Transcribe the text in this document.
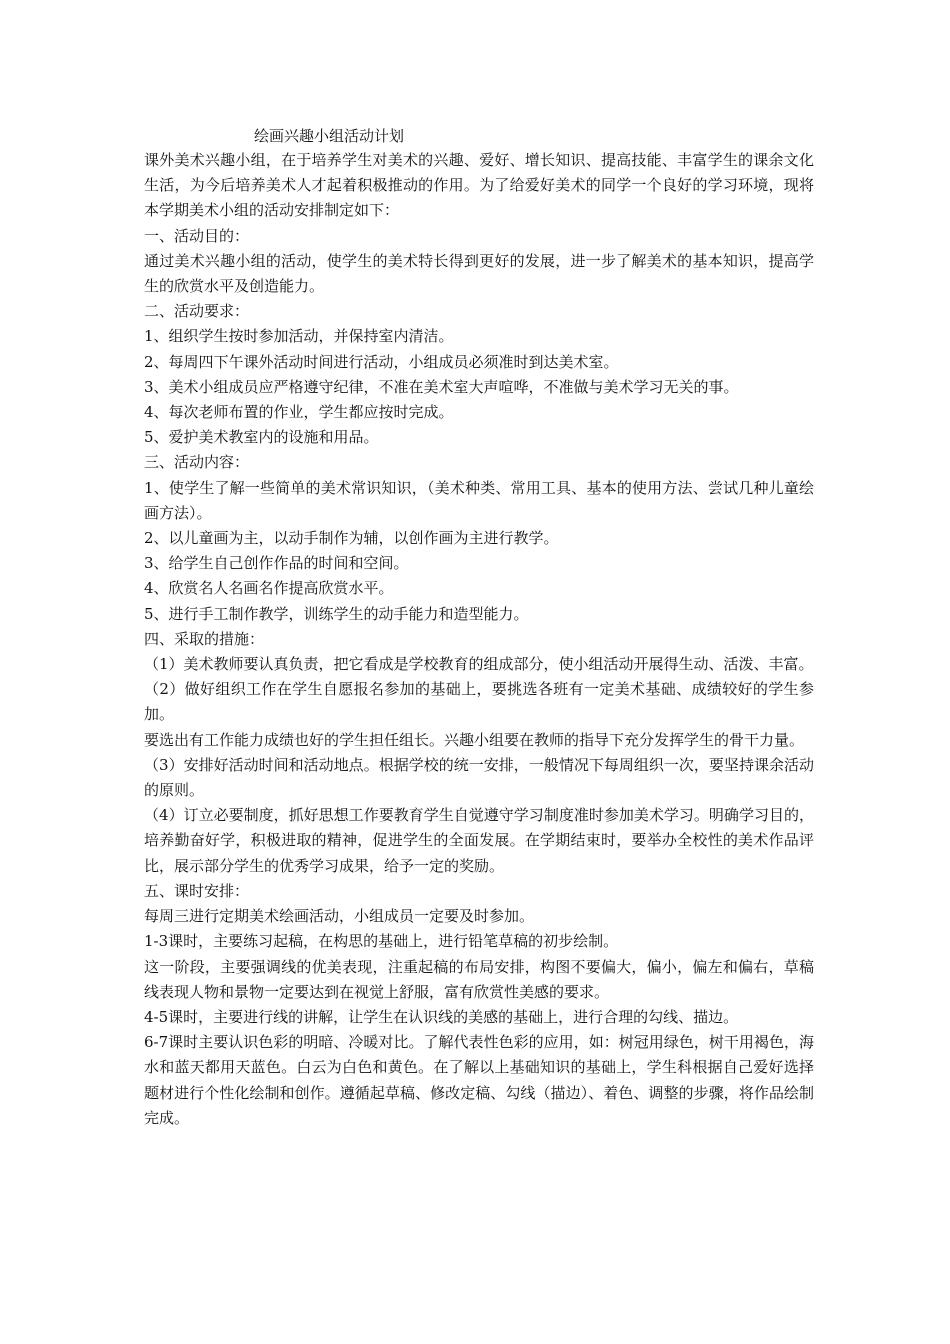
绘画兴趣小组活动计划

课外美术兴趣小组，在于培养学生对美术的兴趣、爱好、增长知识、提高技能、丰富学生的课余文化生活，为今后培养美术人才起着积极推动的作用。为了给爱好美术的同学一个良好的学习环境，现将本学期美术小组的活动安排制定如下：

一、活动目的：

通过美术兴趣小组的活动，使学生的美术特长得到更好的发展，进一步了解美术的基本知识，提高学生的欣赏水平及创造能力。

二、活动要求：

1、组织学生按时参加活动，并保持室内清洁。

2、每周四下午课外活动时间进行活动，小组成员必须准时到达美术室。

3、美术小组成员应严格遵守纪律，不准在美术室大声喧哗，不准做与美术学习无关的事。

4、每次老师布置的作业，学生都应按时完成。

5、爱护美术教室内的设施和用品。

三、活动内容：

1、使学生了解一些简单的美术常识知识，（美术种类、常用工具、基本的使用方法、尝试几种儿童绘画方法）。

2、以儿童画为主，以动手制作为辅，以创作画为主进行教学。

3、给学生自己创作作品的时间和空间。

4、欣赏名人名画名作提高欣赏水平。

5、进行手工制作教学，训练学生的动手能力和造型能力。

四、采取的措施：

（1）美术教师要认真负责，把它看成是学校教育的组成部分，使小组活动开展得生动、活泼、丰富。

（2）做好组织工作在学生自愿报名参加的基础上，要挑选各班有一定美术基础、成绩较好的学生参加。

要选出有工作能力成绩也好的学生担任组长。兴趣小组要在教师的指导下充分发挥学生的骨干力量。

（3）安排好活动时间和活动地点。根据学校的统一安排，一般情况下每周组织一次，要坚持课余活动的原则。

（4）订立必要制度，抓好思想工作要教育学生自觉遵守学习制度准时参加美术学习。明确学习目的，培养勤奋好学，积极进取的精神，促进学生的全面发展。在学期结束时，要举办全校性的美术作品评比，展示部分学生的优秀学习成果，给予一定的奖励。

五、课时安排：

每周三进行定期美术绘画活动，小组成员一定要及时参加。

1-3课时，主要练习起稿，在构思的基础上，进行铅笔草稿的初步绘制。

这一阶段，主要强调线的优美表现，注重起稿的布局安排，构图不要偏大，偏小，偏左和偏右，草稿线表现人物和景物一定要达到在视觉上舒服，富有欣赏性美感的要求。

4-5课时，主要进行线的讲解，让学生在认识线的美感的基础上，进行合理的勾线、描边。

6-7课时主要认识色彩的明暗、冷暖对比。了解代表性色彩的应用，如：树冠用绿色，树干用褐色，海水和蓝天都用天蓝色。白云为白色和黄色。在了解以上基础知识的基础上，学生科根据自己爱好选择题材进行个性化绘制和创作。遵循起草稿、修改定稿、勾线（描边）、着色、调整的步骤，将作品绘制完成。
